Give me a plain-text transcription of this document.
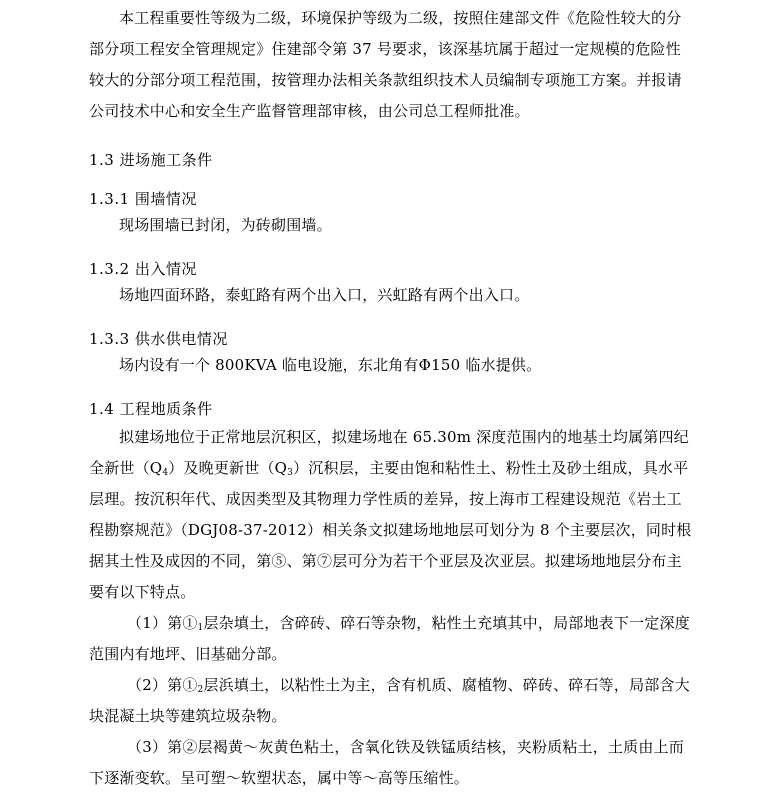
本工程重要性等级为二级，环境保护等级为二级，按照住建部文件《危险性较大的分
部分项工程安全管理规定》住建部令第 37 号要求，该深基坑属于超过一定规模的危险性
较大的分部分项工程范围，按管理办法相关条款组织技术人员编制专项施工方案。并报请
公司技术中心和安全生产监督管理部审核，由公司总工程师批准。
1.3 进场施工条件
1.3.1 围墙情况
现场围墙已封闭，为砖砌围墙。
1.3.2 出入情况
场地四面环路，泰虹路有两个出入口，兴虹路有两个出入口。
1.3.3 供水供电情况
场内设有一个 800KVA 临电设施，东北角有Φ150 临水提供。
1.4 工程地质条件
拟建场地位于正常地层沉积区，拟建场地在 65.30m 深度范围内的地基土均属第四纪
全新世$(Q_4)$及晚更新世$(Q_3)$沉积层，主要由饱和粘性土、粉性土及砂土组成，具水平
层理。按沉积年代、成因类型及其物理力学性质的差异，按上海市工程建设规范《岩土工
程勘察规范》（DGJ08-37-2012）相关条文拟建场地地层可划分为 8 个主要层次，同时根
据其土性及成因的不同，第⑤、第⑦层可分为若干个亚层及次亚层。拟建场地地层分布主
要有以下特点。
（1）第$①_1$层杂填土，含碎砖、碎石等杂物，粘性土充填其中，局部地表下一定深度
范围内有地坪、旧基础分部。
（2）第$①_2$层浜填土，以粘性土为主，含有机质、腐植物、碎砖、碎石等，局部含大
块混凝土块等建筑垃圾杂物。
（3）第②层褐黄～灰黄色粘土，含氧化铁及铁锰质结核，夹粉质粘土，土质由上而
下逐渐变软。呈可塑～软塑状态，属中等～高等压缩性。
